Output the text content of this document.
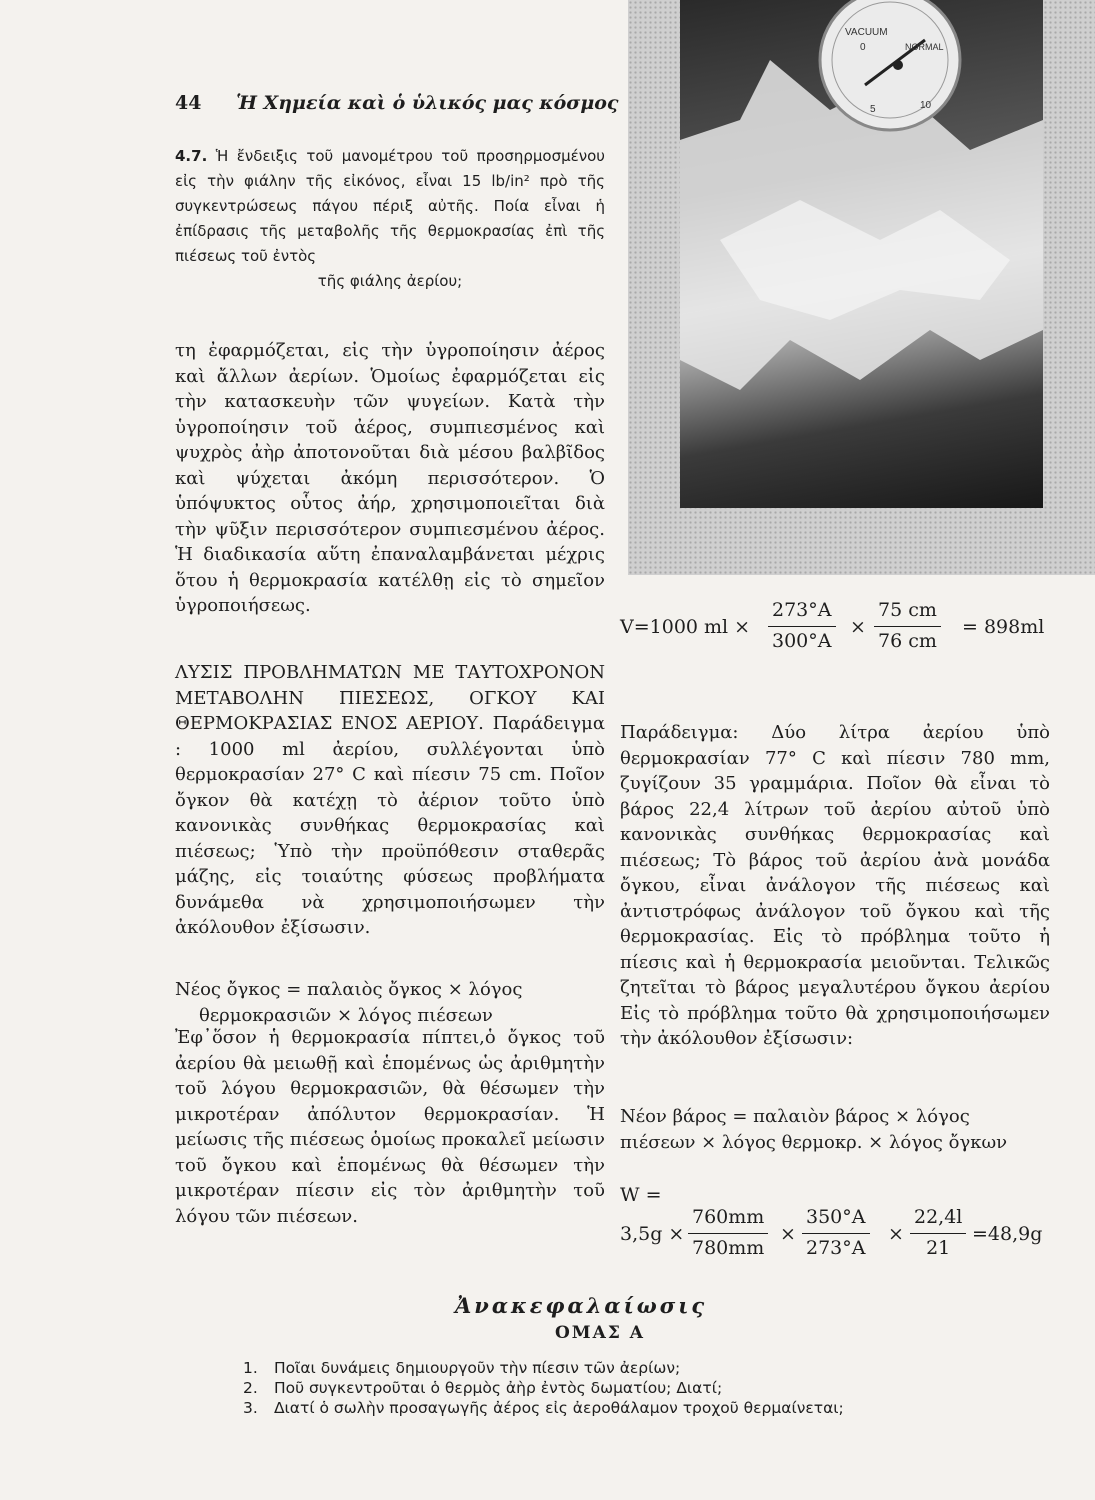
44 Ἡ Χημεία καὶ ὁ ὑλικός μας κόσμος
4.7. Ἡ ἔνδειξις τοῦ μανομέτρου τοῦ προσηρμοσμένου εἰς τὴν φιάλην τῆς εἰκόνος, εἶναι 15 lb/in² πρὸ τῆς συγκεντρώσεως πάγου πέριξ αὐτῆς. Ποία εἶναι ἡ ἐπίδρασις τῆς μεταβολῆς τῆς θερμοκρασίας ἐπὶ τῆς πιέσεως τοῦ ἐντὸς
τῆς φιάλης ἀερίου;
VACUUM
0	NORMAL
10
5
τη ἐφαρμόζεται, εἰς τὴν ὑγροποίησιν ἀέρος καὶ ἄλλων ἀερίων. Ὁμοίως ἐφαρμόζεται εἰς τὴν κατασκευὴν τῶν ψυγείων. Κατὰ τὴν ὑγροποίησιν τοῦ ἀέρος, συμπιεσμένος καὶ ψυχρὸς ἀὴρ ἀποτονοῦται διὰ μέσου βαλβῖδος καὶ ψύχεται ἀκόμη περισσότερον. Ὁ ὑπόψυκτος οὗτος ἀήρ, χρησιμοποιεῖται διὰ τὴν ψῦξιν περισσότερον συμπιεσμένου ἀέρος. Ἡ διαδικασία αὕτη ἐπαναλαμβάνεται μέχρις ὅτου ἡ θερμοκρασία κατέλθῃ εἰς τὸ σημεῖον ὑγροποιήσεως.
ΛΥΣΙΣ ΠΡΟΒΛΗΜΑΤΩΝ ΜΕ ΤΑΥΤΟΧΡΟΝΟΝ ΜΕΤΑΒΟΛΗΝ ΠΙΕΣΕΩΣ, ΟΓΚΟΥ ΚΑΙ ΘΕΡΜΟΚΡΑΣΙΑΣ ΕΝΟΣ ΑΕΡΙΟΥ. Παράδειγμα : 1000 ml ἀερίου, συλλέγονται ὑπὸ θερμοκρασίαν 27° C καὶ πίεσιν 75 cm. Ποῖον ὄγκον θὰ κατέχῃ τὸ ἀέριον τοῦτο ὑπὸ κανονικὰς συνθήκας θερμοκρασίας καὶ πιέσεως; Ὑπὸ τὴν προϋπόθεσιν σταθερᾶς μάζης, εἰς τοιαύτης φύσεως προβλήματα δυνάμεθα νὰ χρησιμοποιήσωμεν τὴν ἀκόλουθον ἐξίσωσιν.
Νέος ὄγκος = παλαιὸς ὄγκος × λόγος
θερμοκρασιῶν × λόγος πιέσεων
Ἐφ᾽ὅσον ἡ θερμοκρασία πίπτει,ὁ ὄγκος τοῦ ἀερίου θὰ μειωθῇ καὶ ἑπομένως ὡς ἀριθμητὴν τοῦ λόγου θερμοκρασιῶν, θὰ θέσωμεν τὴν μικροτέραν ἀπόλυτον θερμοκρασίαν. Ἡ μείωσις τῆς πιέσεως ὁμοίως προκαλεῖ μείωσιν τοῦ ὄγκου καὶ ἑπομένως θὰ θέσωμεν τὴν μικροτέραν πίεσιν εἰς τὸν ἀριθμητὴν τοῦ λόγου τῶν πιέσεων.
V=1000 ml × $\frac{273^\circ A}{300^\circ A} \times \frac{75 cm}{76 cm} = 898ml$
Παράδειγμα: Δύο λίτρα ἀερίου ὑπὸ θερμοκρασίαν 77° C καὶ πίεσιν 780 mm, ζυγίζουν 35 γραμμάρια. Ποῖον θὰ εἶναι τὸ βάρος 22,4 λίτρων τοῦ ἀερίου αὐτοῦ ὑπὸ κανονικὰς συνθήκας θερμοκρασίας καὶ πιέσεως; Τὸ βάρος τοῦ ἀερίου ἀνὰ μονάδα ὄγκου, εἶναι ἀνάλογον τῆς πιέσεως καὶ ἀντιστρόφως ἀνάλογον τοῦ ὄγκου καὶ τῆς θερμοκρασίας. Εἰς τὸ πρόβλημα τοῦτο ἡ πίεσις καὶ ἡ θερμοκρασία μειοῦνται. Τελικῶς ζητεῖται τὸ βάρος μεγαλυτέρου ὄγκου ἀερίου Εἰς τὸ πρόβλημα τοῦτο θὰ χρησιμοποιήσωμεν τὴν ἀκόλουθον ἐξίσωσιν:
Νέον βάρος = παλαιὸν βάρος × λόγος
πιέσεων × λόγος θερμοκρ. × λόγος ὄγκων
W =
$3,5g \times \frac{760mm}{780mm} \times \frac{350^\circ A}{273^\circ A} \times \frac{22,4l}{21} =48,9g$
Ἀνακεφαλαίωσις
ΟΜΑΣ Α
1. Ποῖαι δυνάμεις δημιουργοῦν τὴν πίεσιν τῶν ἀερίων;
2. Ποῦ συγκεντροῦται ὁ θερμὸς ἀὴρ ἐντὸς δωματίου; Διατί;
3. Διατί ὁ σωλὴν προσαγωγῆς ἀέρος εἰς ἀεροθάλαμον τροχοῦ θερμαίνεται;
